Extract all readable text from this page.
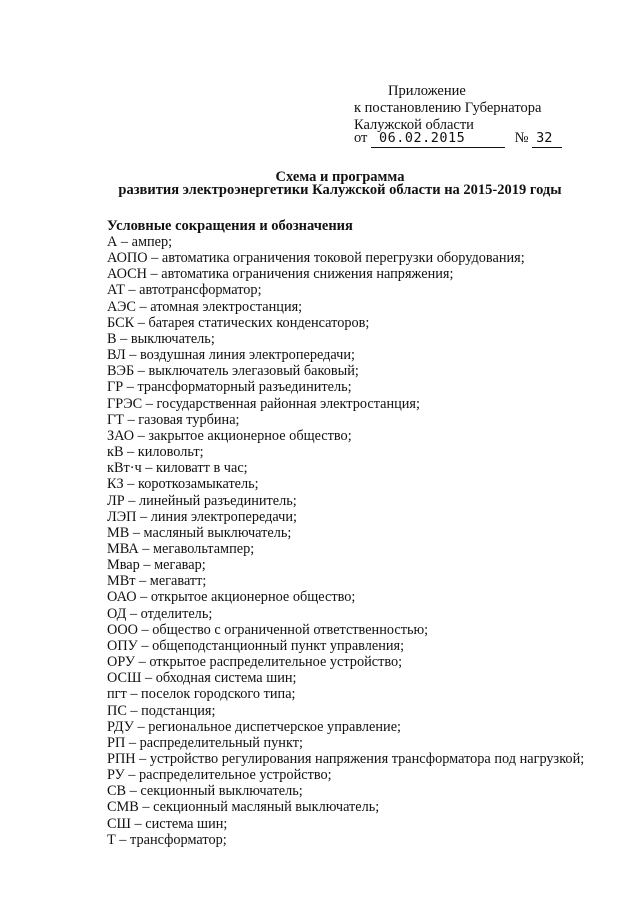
Приложение
к постановлению Губернатора
Калужской области
от 06.02.2015	№ 32
Схема и программа
развития электроэнергетики Калужской области на 2015-2019 годы
Условные сокращения и обозначения
А – ампер;
АОПО – автоматика ограничения токовой перегрузки оборудования;
АОСН – автоматика ограничения снижения напряжения;
АТ – автотрансформатор;
АЭС – атомная электростанция;
БСК – батарея статических конденсаторов;
В – выключатель;
ВЛ – воздушная линия электропередачи;
ВЭБ – выключатель элегазовый баковый;
ГР – трансформаторный разъединитель;
ГРЭС – государственная районная электростанция;
ГТ – газовая турбина;
ЗАО – закрытое акционерное общество;
кВ – киловольт;
кВт·ч – киловатт в час;
КЗ – короткозамыкатель;
ЛР – линейный разъединитель;
ЛЭП – линия электропередачи;
МВ – масляный выключатель;
МВА – мегавольтампер;
Мвар – мегавар;
МВт – мегаватт;
ОАО – открытое акционерное общество;
ОД – отделитель;
ООО – общество с ограниченной ответственностью;
ОПУ – общеподстанционный пункт управления;
ОРУ – открытое распределительное устройство;
ОСШ – обходная система шин;
пгт – поселок городского типа;
ПС – подстанция;
РДУ – региональное диспетчерское управление;
РП – распределительный пункт;
РПН – устройство регулирования напряжения трансформатора под нагрузкой;
РУ – распределительное устройство;
СВ – секционный выключатель;
СМВ – секционный масляный выключатель;
СШ – система шин;
Т – трансформатор;
